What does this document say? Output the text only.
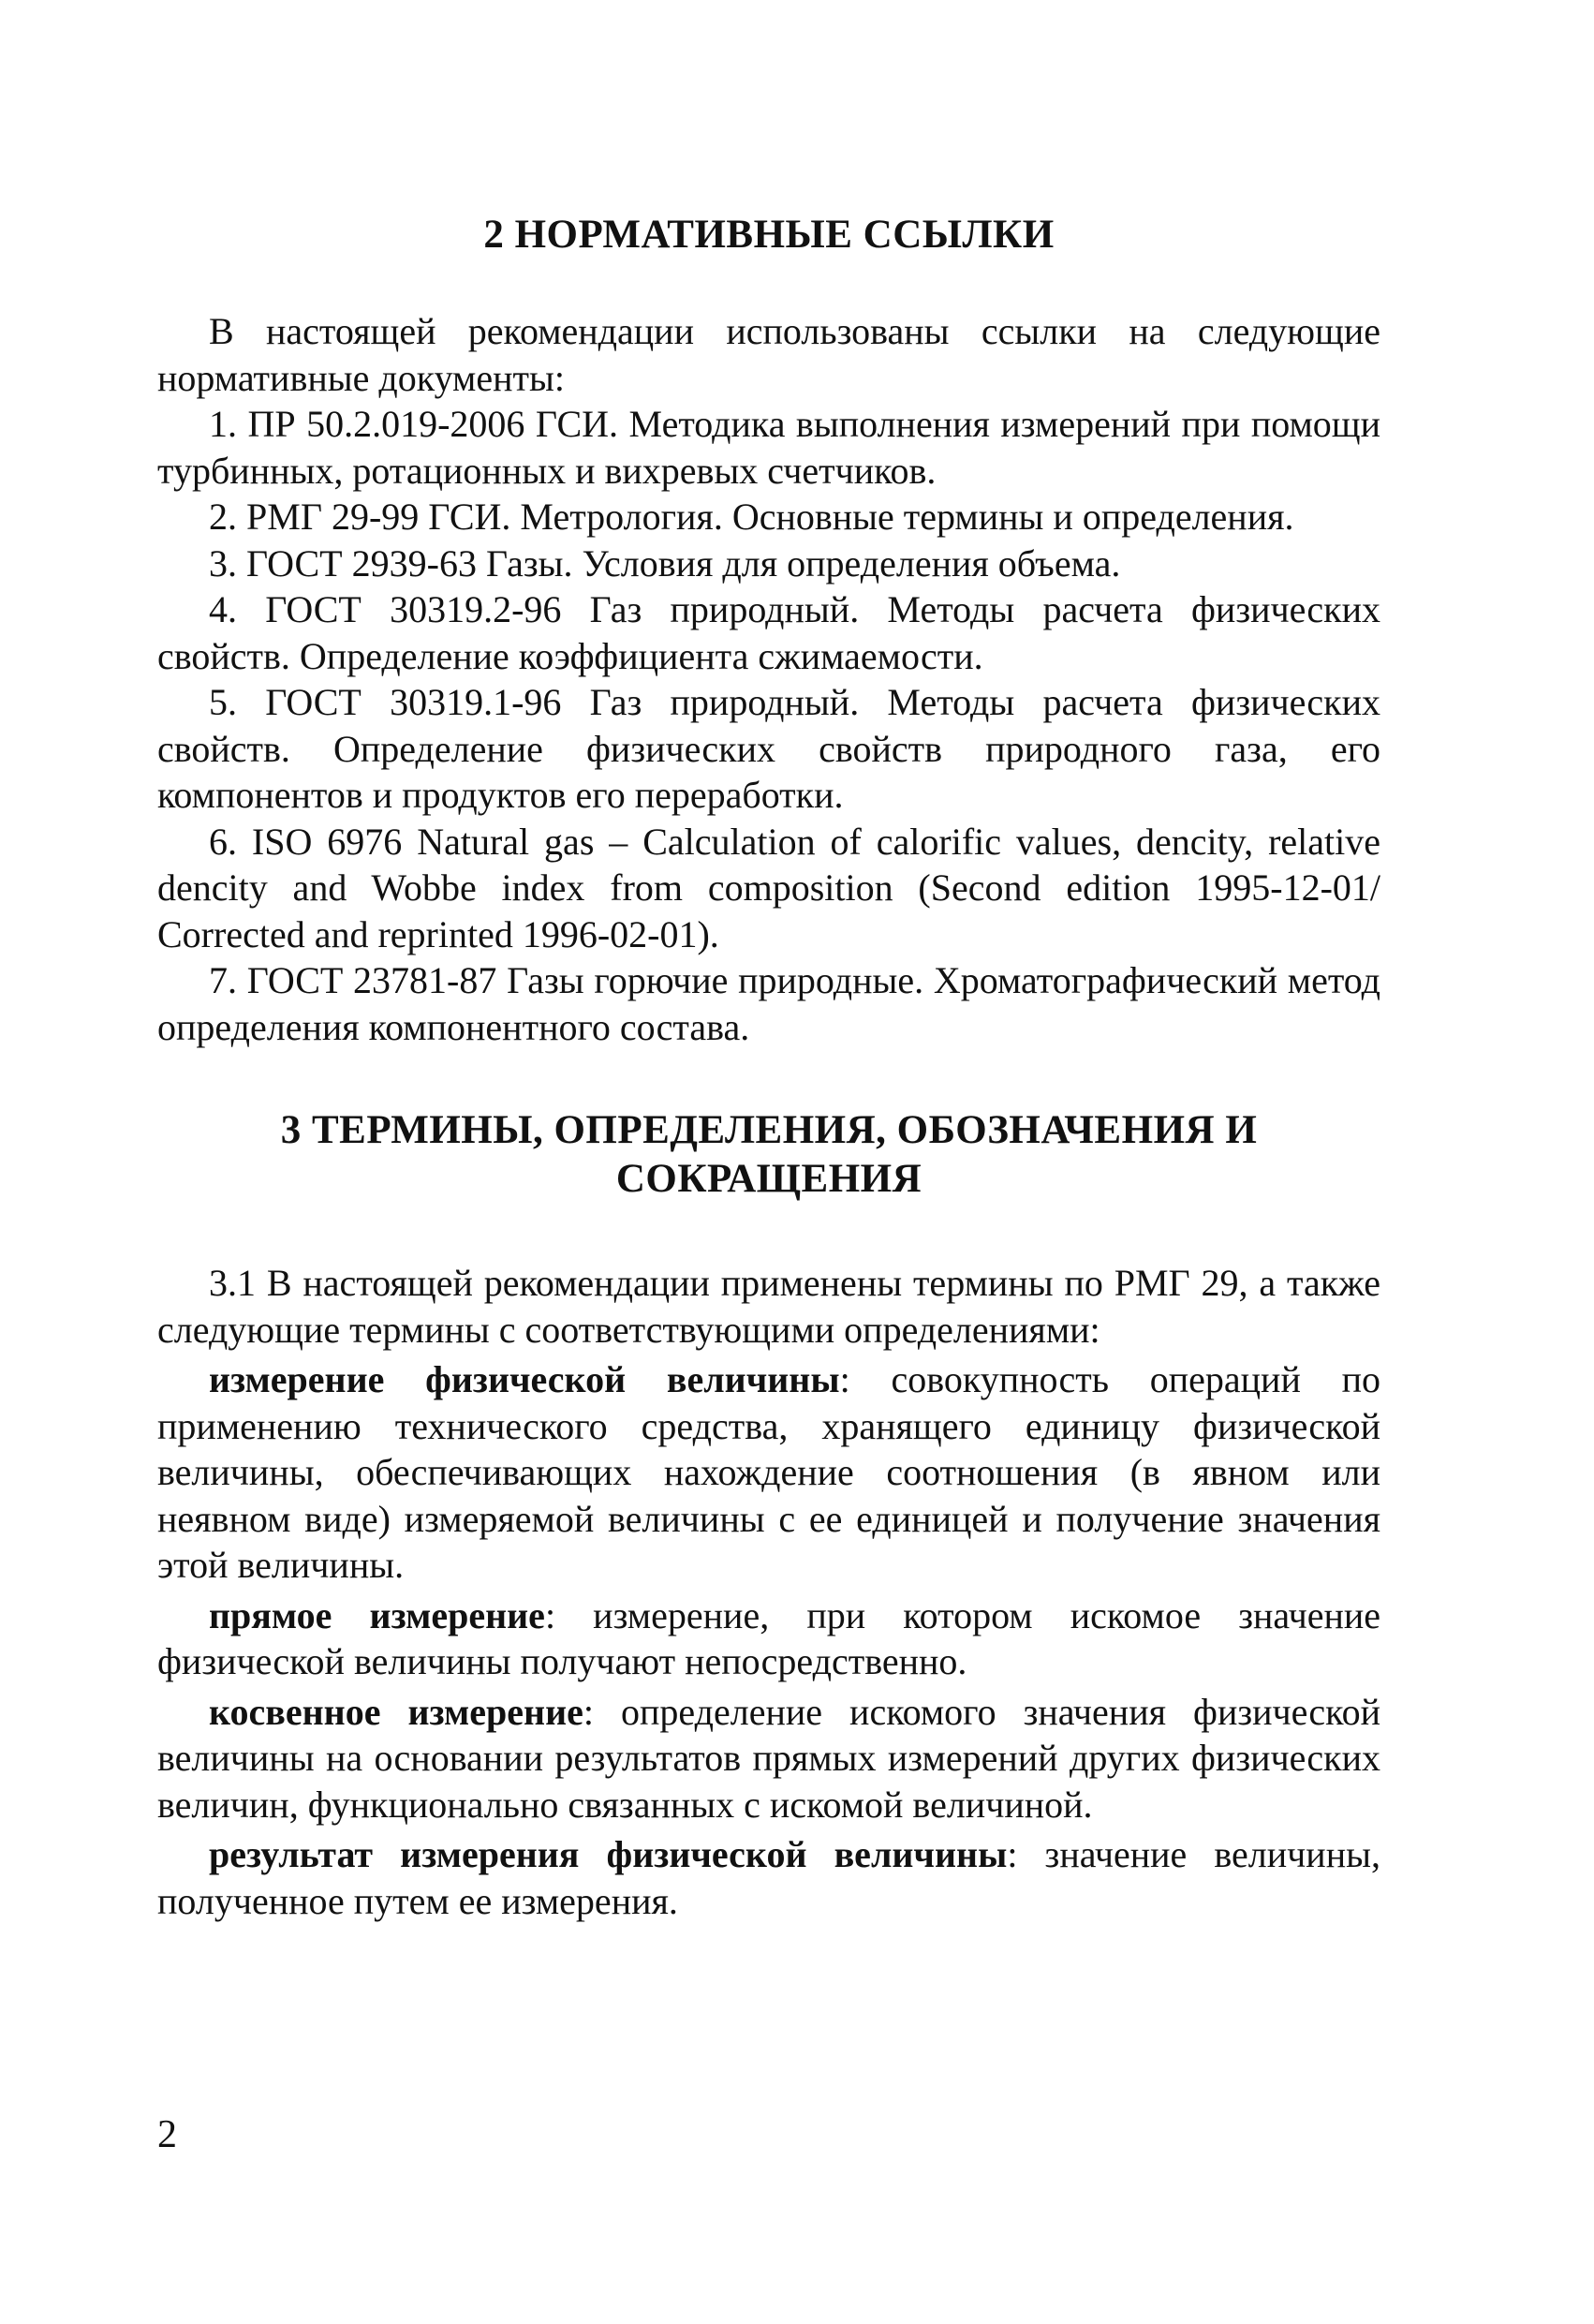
2 НОРМАТИВНЫЕ ССЫЛКИ

В настоящей рекомендации использованы ссылки на следующие нормативные документы:

1. ПР 50.2.019-2006 ГСИ. Методика выполнения измерений при помощи турбинных, ротационных и вихревых счетчиков.

2. РМГ 29-99 ГСИ. Метрология. Основные термины и определения.

3. ГОСТ 2939-63 Газы. Условия для определения объема.

4. ГОСТ 30319.2-96 Газ природный. Методы расчета физических свойств. Определение коэффициента сжимаемости.

5. ГОСТ 30319.1-96 Газ природный. Методы расчета физических свойств. Определение физических свойств природного газа, его компонентов и продуктов его переработки.

6. ISO 6976 Natural gas – Calculation of calorific values, dencity, relative dencity and Wobbe index from composition (Second edition 1995-12-01/ Corrected and reprinted 1996-02-01).

7. ГОСТ 23781-87 Газы горючие природные. Хроматографический метод определения компонентного состава.

3 ТЕРМИНЫ, ОПРЕДЕЛЕНИЯ, ОБОЗНАЧЕНИЯ И
СОКРАЩЕНИЯ

3.1 В настоящей рекомендации применены термины по РМГ 29, а также следующие термины с соответствующими определениями:

измерение физической величины: совокупность операций по применению технического средства, хранящего единицу физической величины, обеспечивающих нахождение соотношения (в явном или неявном виде) измеряемой величины с ее единицей и получение значения этой величины.

прямое измерение: измерение, при котором искомое значение физической величины получают непосредственно.

косвенное измерение: определение искомого значения физической величины на основании результатов прямых измерений других физических величин, функционально связанных с искомой величиной.

результат измерения физической величины: значение величины, полученное путем ее измерения.

2
